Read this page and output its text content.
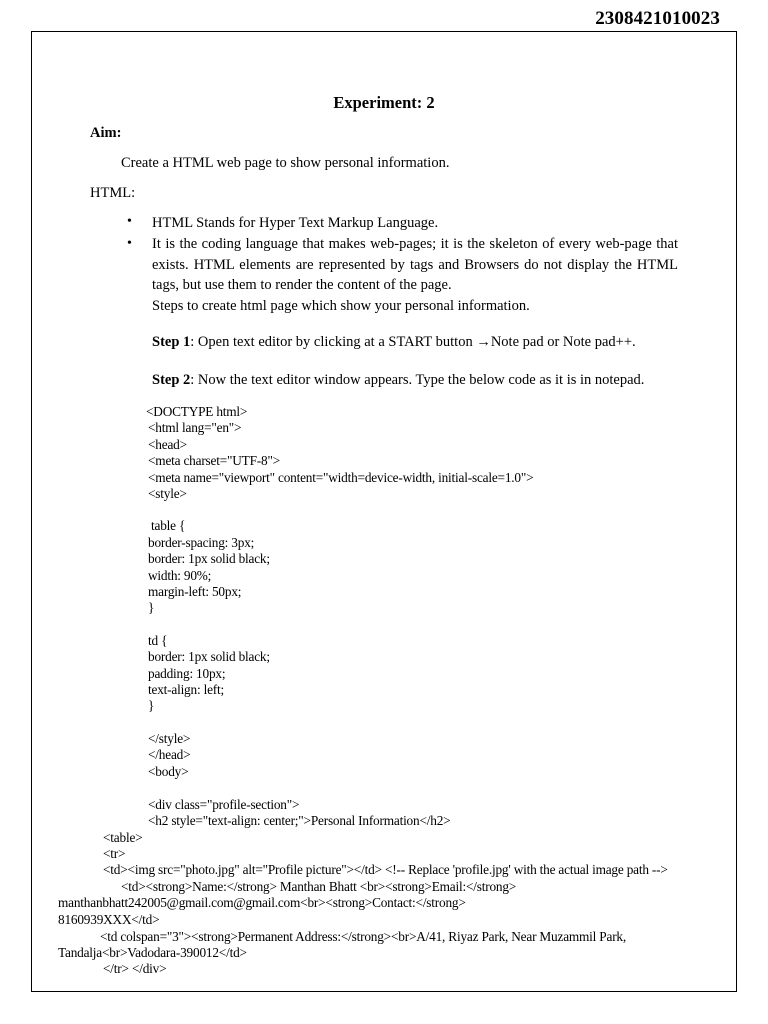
2308421010023
Experiment: 2
Aim:
Create a HTML web page to show personal information.
HTML:
• HTML Stands for Hyper Text Markup Language.
• It is the coding language that makes web-pages; it is the skeleton of every web-page that exists. HTML elements are represented by tags and Browsers do not display the HTML tags, but use them to render the content of the page.

Steps to create html page which show your personal information.

Step 1: Open text editor by clicking at a START button →Note pad or Note pad++.
Step 2: Now the text editor window appears. Type the below code as it is in notepad.
<DOCTYPE html>
<html lang="en">
<head>
<meta charset="UTF-8">
<meta name="viewport" content="width=device-width, initial-scale=1.0">
<style>
table {
border-spacing: 3px;
border: 1px solid black;
width: 90%;
margin-left: 50px;
}
td {
border: 1px solid black;
padding: 10px;
text-align: left;
}
</style>
</head>
<body>
<div class="profile-section">
<h2 style="text-align: center;">Personal Information</h2>
<table>
<tr>
<td><img src="photo.jpg" alt="Profile picture"></td> <!-- Replace 'profile.jpg' with the actual image path -->
<td><strong>Name:</strong> Manthan Bhatt <br><strong>Email:</strong>
manthanbhatt242005@gmail.com@gmail.com<br><strong>Contact:</strong>
8160939XXX</td>
<td colspan="3"><strong>Permanent Address:</strong><br>A/41, Riyaz Park, Near Muzammil Park,
Tandalja<br>Vadodara-390012</td>
</tr> </div>
